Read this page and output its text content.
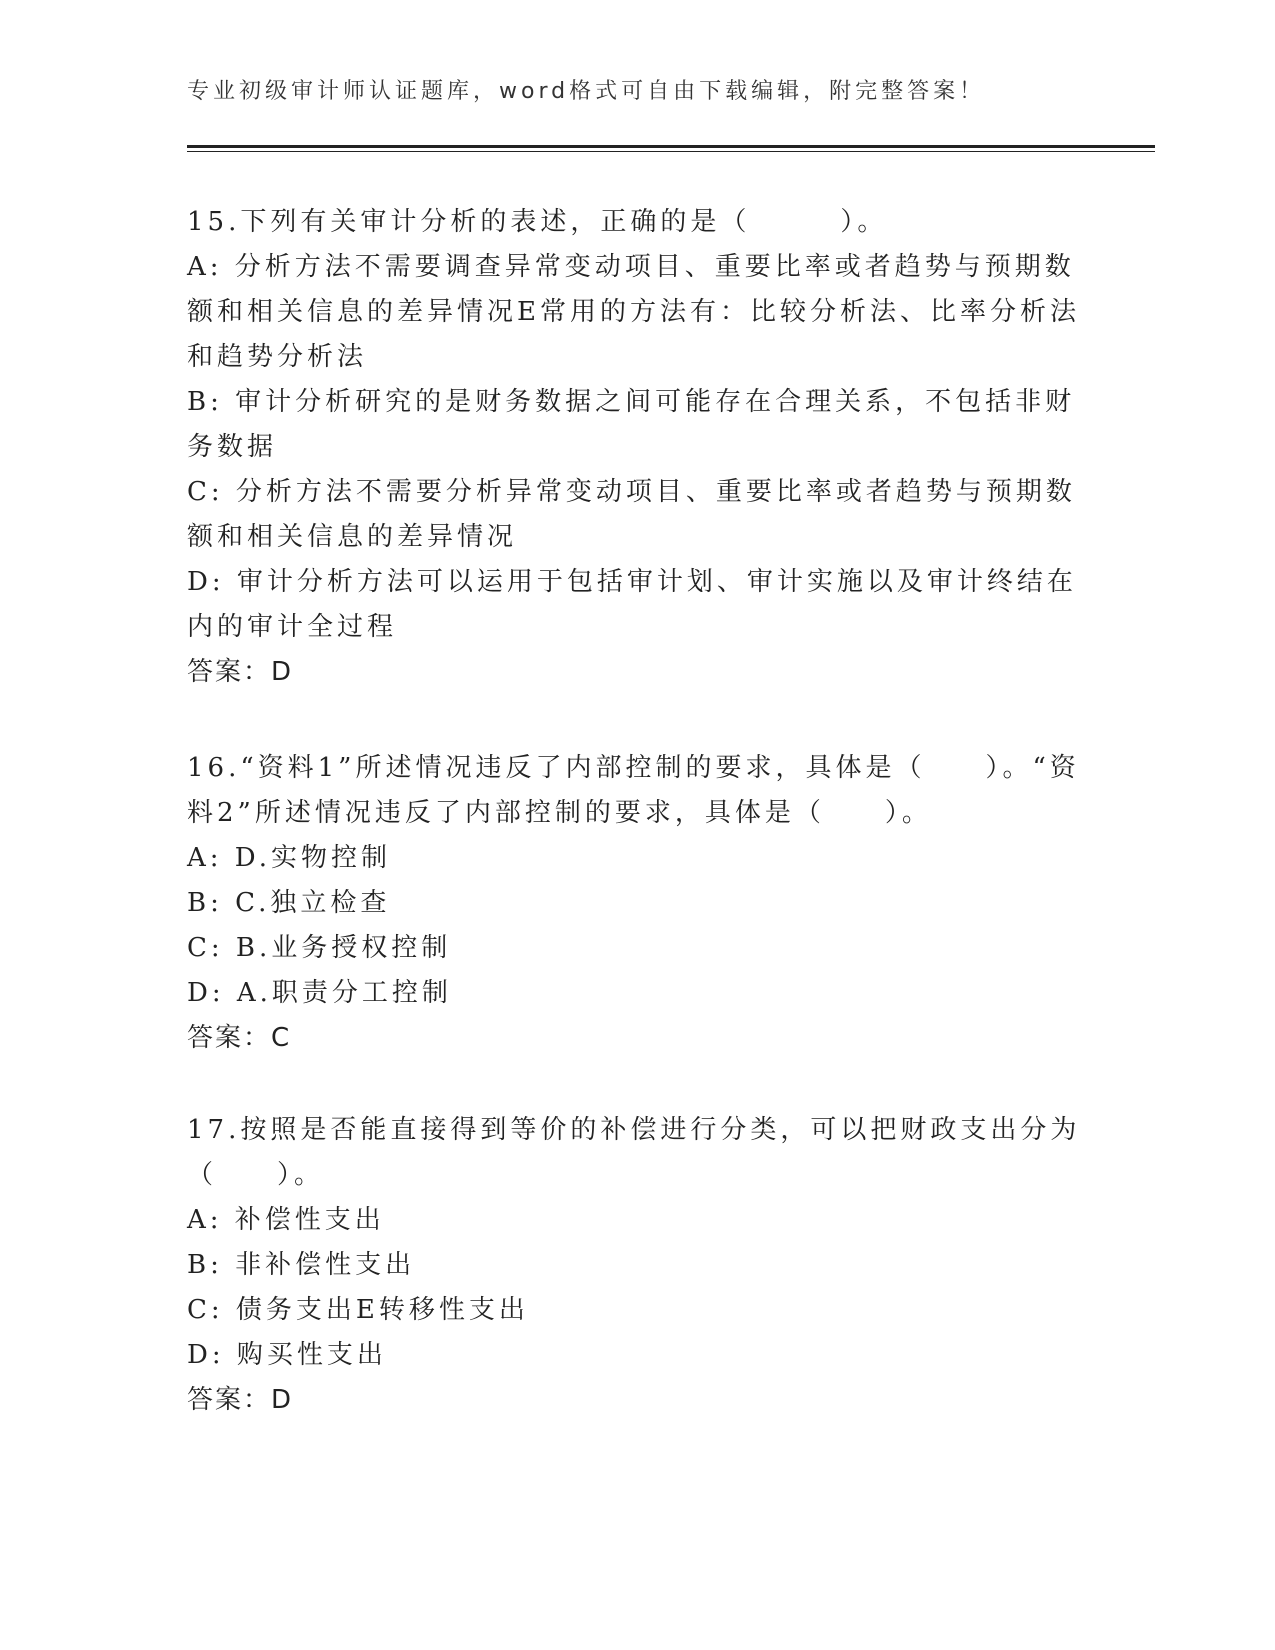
专业初级审计师认证题库，word格式可自由下载编辑，附完整答案！

15.下列有关审计分析的表述，正确的是（　　　）。

A: 分析方法不需要调查异常变动项目、重要比率或者趋势与预期数额和相关信息的差异情况E常用的方法有：比较分析法、比率分析法和趋势分析法

B: 审计分析研究的是财务数据之间可能存在合理关系，不包括非财务数据

C: 分析方法不需要分析异常变动项目、重要比率或者趋势与预期数额和相关信息的差异情况

D: 审计分析方法可以运用于包括审计划、审计实施以及审计终结在内的审计全过程

答案：D

16.“资料1”所述情况违反了内部控制的要求，具体是（　　）。“资料2”所述情况违反了内部控制的要求，具体是（　　）。

A: D.实物控制

B: C.独立检查

C: B.业务授权控制

D: A.职责分工控制

答案：C

17.按照是否能直接得到等价的补偿进行分类，可以把财政支出分为（　　）。

A: 补偿性支出

B: 非补偿性支出

C: 债务支出E转移性支出

D: 购买性支出

答案：D
